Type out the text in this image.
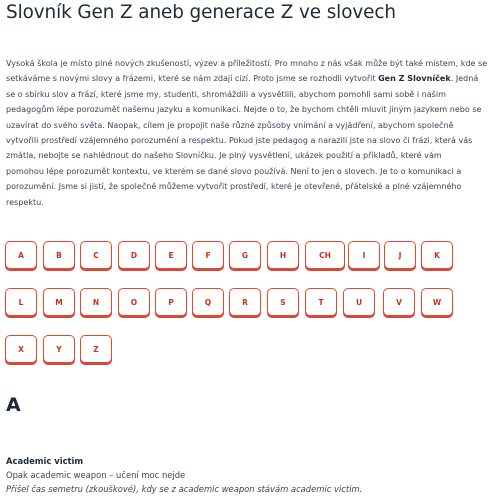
Slovník Gen Z aneb generace Z ve slovech
Vysoká škola je místo plné nových zkušeností, výzev a příležitostí. Pro mnoho z nás však může být také místem, kde se
setkáváme s novými slovy a frázemi, které se nám zdají cizí. Proto jsme se rozhodli vytvořit Gen Z Slovníček. Jedná
se o sbírku slov a frází, které jsme my, studenti, shromáždili a vysvětlili, abychom pomohli sami sobě i našim
pedagogům lépe porozumět našemu jazyku a komunikaci. Nejde o to, že bychom chtěli mluvit jiným jazykem nebo se
uzavírat do svého světa. Naopak, cílem je propojit naše různé způsoby vnímání a vyjádření, abychom společně
vytvořili prostředí vzájemného porozumění a respektu. Pokud jste pedagog a narazili jste na slovo či frázi, která vás
zmátla, nebojte se nahlédnout do našeho Slovníčku. Je plný vysvětlení, ukázek použití a příkladů, které vám
pomohou lépe porozumět kontextu, ve kterém se dané slovo používá. Není to jen o slovech. Je to o komunikaci a
porozumění. Jsme si jistí, že společně můžeme vytvořit prostředí, které je otevřené, přátelské a plné vzájemného
respektu.
A	B	C	D	E	F	G	H	CH	I	J	K
L	M	N	O	P	Q	R	S	T	U	V	W
X	Y	Z
A
Academic victim
Opak academic weapon – učení moc nejde
Přišel čas semetru (zkouškové), kdy se z academic weapon stávám academic victim.
